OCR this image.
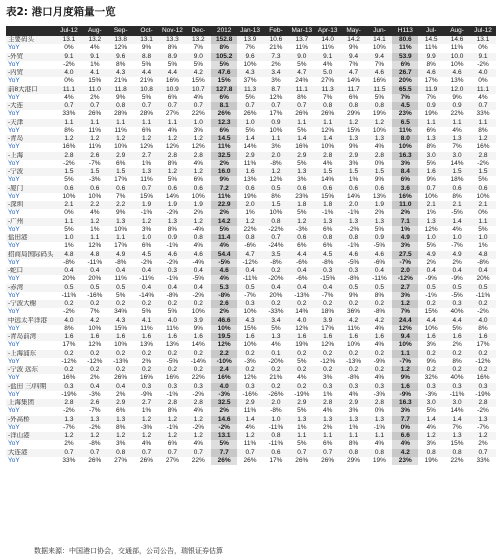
表2: 港口月度箱量一览
	Jul-12	Aug-	Sep-	Oct-	Nov-12	Dec-	2012	Jan-13	Feb-	Mar-13	Apr-13	May-	Jun-	H113	Jul-	Aug-	Jul-12
主要码头	13.1	13.2	13.8	13.1	13.3	13.2	152.8	13.9	10.6	13.7	14.0	14.2	14.1	80.6	14.5	14.6	13.1
YoY	0%	4%	12%	9%	8%	7%	8%	7%	21%	11%	11%	9%	10%	11%	11%	11%	0%
-外贸	9.1	9.1	9.6	8.8	8.9	9.0	105.2	9.6	7.3	9.0	9.1	9.4	9.4	53.9	9.9	10.0	9.1
YoY	-2%	1%	8%	5%	5%	5%	5%	10%	2%	5%	4%	7%	7%	6%	8%	10%	-2%
-内贸	4.0	4.1	4.3	4.4	4.4	4.2	47.6	4.3	3.4	4.7	5.0	4.7	4.6	26.7	4.6	4.6	4.0
YoY	0%	15%	21%	21%	16%	15%	15%	37%	3%	24%	27%	14%	16%	20%	17%	13%	0%
前8大港口	11.1	11.0	11.8	10.8	10.9	10.7	127.8	11.3	8.7	11.1	11.3	11.7	11.5	65.5	11.9	12.0	11.1
YoY	4%	2%	9%	5%	6%	4%	6%	5%	12%	8%	7%	6%	5%	7%	7%	9%	4%
-大连	0.7	0.7	0.8	0.7	0.7	0.7	8.1	0.7	0.7	0.7	0.8	0.8	0.8	4.5	0.9	0.9	0.7
YoY	33%	26%	28%	28%	27%	22%	26%	26%	17%	26%	26%	29%	19%	23%	19%	22%	33%
-天津	1.1	1.1	1.1	1.1	1.1	1.0	12.3	1.0	0.9	1.1	1.1	1.2	1.2	6.5	1.1	1.1	1.1
YoY	8%	11%	11%	6%	4%	3%	6%	5%	10%	5%	12%	15%	10%	11%	6%	4%	8%
-青岛	1.2	1.2	1.2	1.2	1.2	1.2	14.5	1.4	1.1	1.4	1.4	1.3	1.3	8.0	1.3	1.3	1.2
YoY	16%	11%	10%	12%	12%	12%	11%	14%	3%	16%	10%	9%	4%	10%	8%	7%	16%
-上海	2.8	2.6	2.9	2.7	2.8	2.8	32.5	2.9	2.0	2.9	2.8	2.9	2.8	16.3	3.0	3.0	2.8
YoY	-2%	-7%	6%	1%	8%	4%	2%	11%	-8%	5%	4%	3%	0%	3%	5%	14%	-2%
-宁波	1.5	1.5	1.5	1.3	1.2	1.2	16.0	1.6	1.2	1.3	1.5	1.5	1.5	8.4	1.6	1.5	1.5
YoY	5%	-3%	17%	11%	5%	6%	9%	13%	12%	3%	14%	1%	9%	6%	9%	18%	5%
-厦门	0.6	0.6	0.6	0.7	0.6	0.6	7.2	0.6	0.5	0.6	0.6	0.6	0.6	3.6	0.7	0.6	0.6
YoY	10%	10%	7%	15%	14%	10%	11%	19%	8%	23%	15%	14%	13%	16%	10%	8%	10%
-深圳	2.1	2.2	2.2	1.9	1.9	1.9	22.9	2.0	1.5	1.8	1.8	2.0	1.9	11.0	2.1	2.1	2.1
YoY	0%	4%	9%	-1%	-2%	2%	2%	1%	10%	5%	-1%	-1%	2%	2%	1%	-5%	0%
-广州	1.1	1.2	1.3	1.2	1.3	1.2	14.2	1.2	0.8	1.2	1.3	1.3	1.3	7.1	1.3	1.4	1.1
YoY	5%	1%	10%	3%	8%	-4%	5%	22%	-22%	-3%	6%	-2%	5%	1%	12%	4%	5%
盐田港	1.0	1.1	1.1	1.0	0.9	0.8	11.4	0.8	0.7	0.6	0.8	0.8	0.9	4.9	1.0	1.0	1.0
YoY	1%	12%	17%	6%	-1%	4%	4%	-6%	-24%	6%	6%	-1%	-5%	3%	5%	-7%	1%
招商局国际码头	4.8	4.8	4.9	4.5	4.6	4.6	54.4	4.7	3.5	4.4	4.5	4.6	4.6	27.5	4.9	4.9	4.8
YoY	-8%	-11%	-8%	-2%	-2%	-4%	-5%	-12%	-8%	-6%	-8%	-5%	-6%	-7%	2%	2%	-8%
-蛇口	0.4	0.4	0.4	0.4	0.3	0.4	4.6	0.4	0.2	0.4	0.3	0.3	0.4	2.0	0.4	0.4	0.4
YoY	20%	20%	11%	-11%	-1%	-5%	4%	-11%	-20%	-6%	-15%	-8%	-11%	-12%	-9%	-9%	20%
-赤湾	0.5	0.5	0.5	0.4	0.4	0.4	5.3	0.5	0.4	0.4	0.4	0.5	0.5	2.7	0.5	0.5	0.5
YoY	-11%	-16%	5%	-14%	-8%	-2%	-8%	-7%	20%	-13%	-7%	9%	8%	3%	-1%	-5%	-11%
-宁波大榭	0.2	0.2	0.2	0.2	0.2	0.2	2.6	0.3	0.2	0.2	0.2	0.2	0.2	1.2	0.2	0.3	0.2
YoY	-2%	7%	34%	5%	5%	10%	2%	10%	-33%	14%	18%	36%	-8%	7%	15%	40%	-2%
中远太平洋港	4.0	4.2	4.3	4.1	4.0	3.9	46.6	4.3	3.4	4.0	3.9	4.2	4.2	24.4	4.4	4.4	4.0
YoY	8%	10%	15%	11%	11%	9%	10%	15%	5%	12%	17%	11%	4%	12%	10%	5%	8%
-青岛前湾	1.6	1.6	1.6	1.6	1.6	1.6	19.5	1.6	1.3	1.6	1.6	1.6	1.6	9.4	1.6	1.6	1.6
YoY	17%	12%	10%	13%	13%	14%	12%	10%	4%	19%	12%	10%	4%	10%	3%	2%	17%
-上海浦东	0.2	0.2	0.2	0.2	0.2	0.2	2.2	0.2	0.1	0.2	0.2	0.2	0.2	1.1	0.2	0.2	0.2
YoY	-12%	-12%	-13%	2%	-5%	-14%	-10%	-3%	-20%	5%	-12%	-13%	-9%	-7%	9%	8%	-12%
-宁波 远东	0.2	0.2	0.2	0.2	0.2	0.2	2.4	0.2	0.2	0.2	0.2	0.2	0.2	1.2	0.2	0.2	0.2
YoY	16%	2%	26%	16%	16%	22%	16%	12%	21%	4%	3%	-8%	4%	9%	32%	40%	16%
-盐田 三/四期	0.3	0.4	0.4	0.3	0.3	0.3	4.0	0.3	0.2	0.2	0.3	0.3	0.3	1.6	0.3	0.3	0.3
YoY	-19%	-3%	2%	-9%	-1%	-2%	-3%	-16%	-26%	-19%	1%	4%	-3%	-9%	-3%	-11%	-19%
上海集团	2.8	2.6	2.9	2.7	2.8	2.8	32.5	2.9	2.0	2.9	2.8	2.9	2.8	16.3	3.0	3.0	2.8
YoY	-2%	-7%	6%	1%	8%	4%	2%	11%	-8%	5%	4%	3%	0%	3%	5%	14%	-2%
-外高桥	1.3	1.3	1.3	1.2	1.2	1.2	14.6	1.4	1.0	1.3	1.3	1.3	1.3	7.7	1.4	1.4	1.3
YoY	-7%	-2%	8%	-3%	-1%	-2%	-2%	4%	-11%	1%	2%	1%	-1%	0%	4%	7%	-7%
-洋山港	1.2	1.2	1.2	1.2	1.2	1.2	13.1	1.2	0.8	1.1	1.1	1.1	1.1	6.6	1.2	1.3	1.2
YoY	2%	-8%	3%	4%	6%	4%	5%	11%	-11%	5%	6%	8%	4%	4%	3%	15%	2%
大连港	0.7	0.7	0.8	0.7	0.7	0.7	7.7	0.7	0.6	0.7	0.7	0.8	0.8	4.2	0.8	0.8	0.7
YoY	33%	26%	27%	26%	27%	22%	26%	26%	17%	26%	26%	29%	19%	23%	19%	22%	33%
数据来源：中国港口协会，交通部，公司公告，瑞银证券估算
